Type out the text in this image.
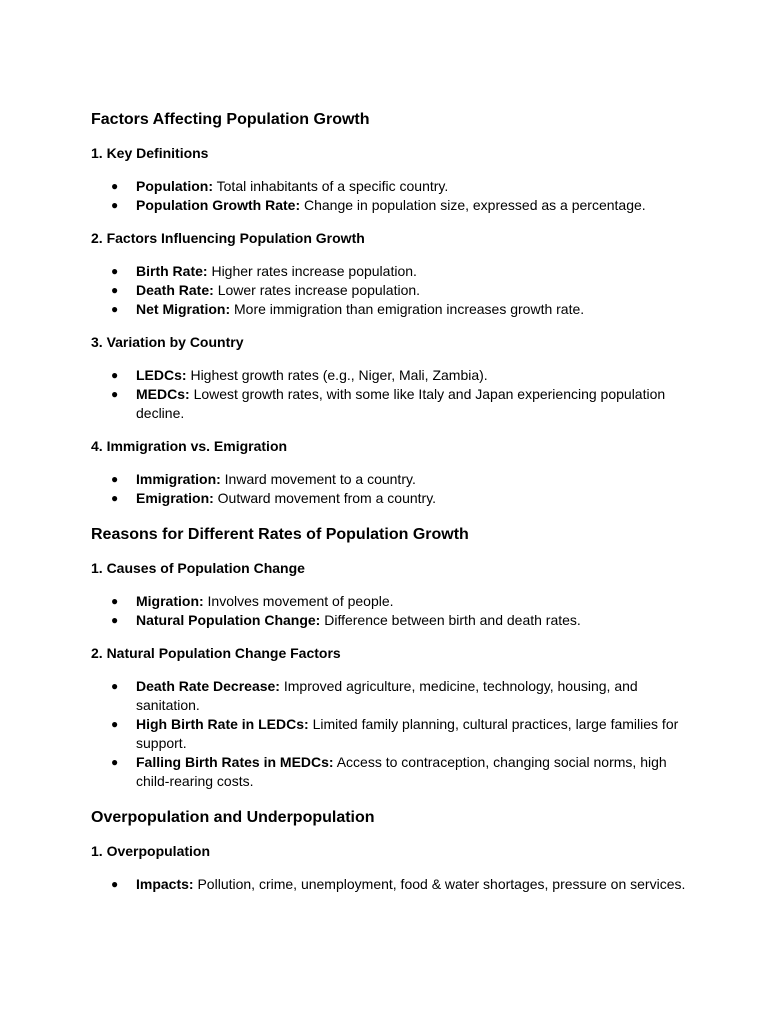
Factors Affecting Population Growth
1. Key Definitions
● Population: Total inhabitants of a specific country.
● Population Growth Rate: Change in population size, expressed as a percentage.
2. Factors Influencing Population Growth
● Birth Rate: Higher rates increase population.
● Death Rate: Lower rates increase population.
● Net Migration: More immigration than emigration increases growth rate.
3. Variation by Country
● LEDCs: Highest growth rates (e.g., Niger, Mali, Zambia).
● MEDCs: Lowest growth rates, with some like Italy and Japan experiencing population decline.
4. Immigration vs. Emigration
● Immigration: Inward movement to a country.
● Emigration: Outward movement from a country.
Reasons for Different Rates of Population Growth
1. Causes of Population Change
● Migration: Involves movement of people.
● Natural Population Change: Difference between birth and death rates.
2. Natural Population Change Factors
● Death Rate Decrease: Improved agriculture, medicine, technology, housing, and sanitation.
● High Birth Rate in LEDCs: Limited family planning, cultural practices, large families for support.
● Falling Birth Rates in MEDCs: Access to contraception, changing social norms, high child-rearing costs.
Overpopulation and Underpopulation
1. Overpopulation
● Impacts: Pollution, crime, unemployment, food & water shortages, pressure on services.
